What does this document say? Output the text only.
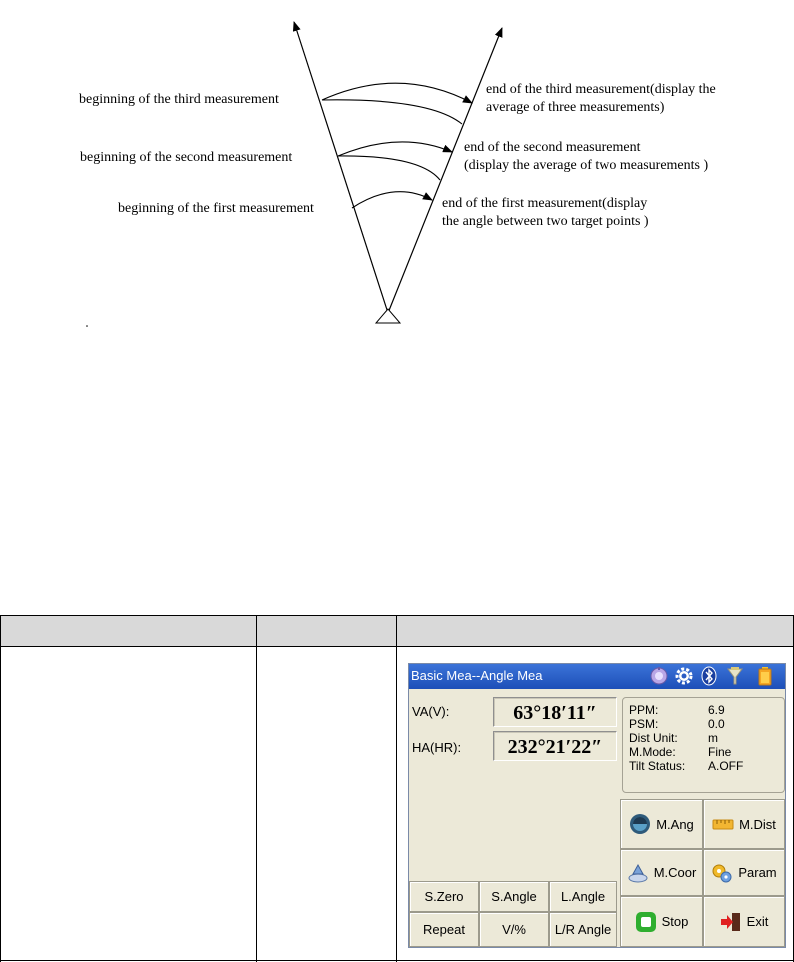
beginning of the third measurement
beginning of the second measurement
beginning of the first measurement
end of the third measurement(display the
average of three measurements)
end of the second measurement
(display the average of two measurements )
end of the first measurement(display
the angle between two target points )
Basic Mea--Angle Mea
VA(V):	63°18′11″
HA(HR):	232°21′22″
PPM:	6.9
PSM:	0.0
Dist Unit:	m
M.Mode:	Fine
Tilt Status: A.OFF
S.Zero S.Angle L.Angle
Repeat	V/% L/R Angle
M.Ang	M.Dist
M.Coor	Param
Stop	Exit
